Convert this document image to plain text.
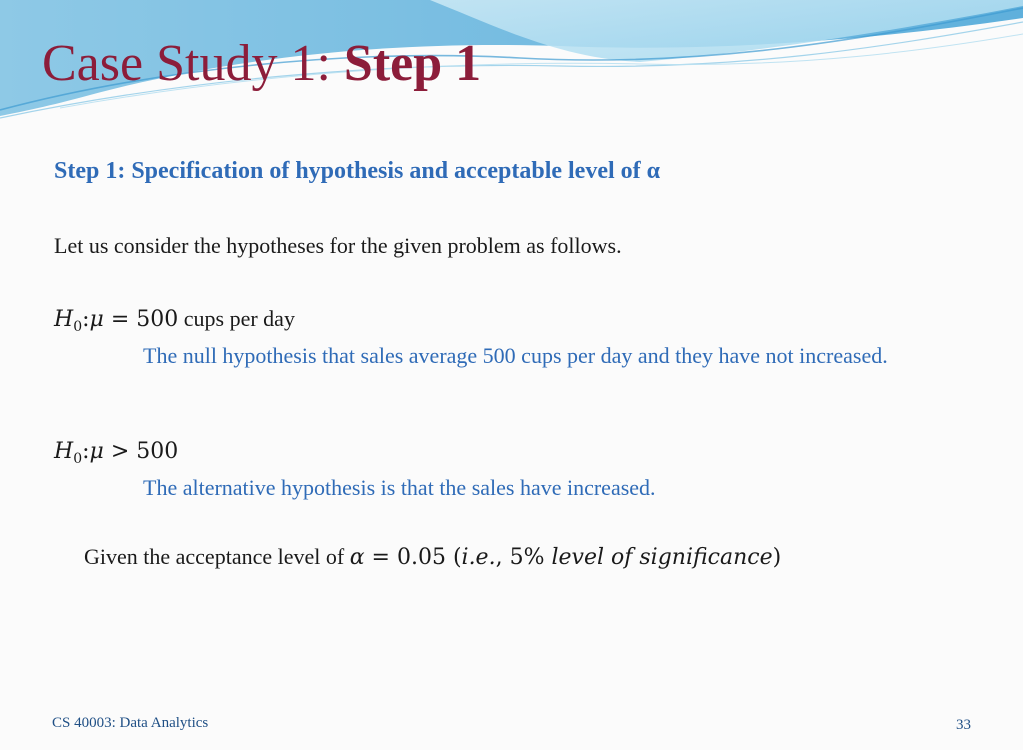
Case Study 1: Step 1
Step 1: Specification of hypothesis and acceptable level of α
Let us consider the hypotheses for the given problem as follows.
$H_0:\mu = 500$ cups per day
The null hypothesis that sales average 500 cups per day and they have not increased.
$H_0:\mu > 500$
The alternative hypothesis is that the sales have increased.
Given the acceptance level of α = 0.05 (i.e., 5% level of significance)
CS 40003: Data Analytics	33
